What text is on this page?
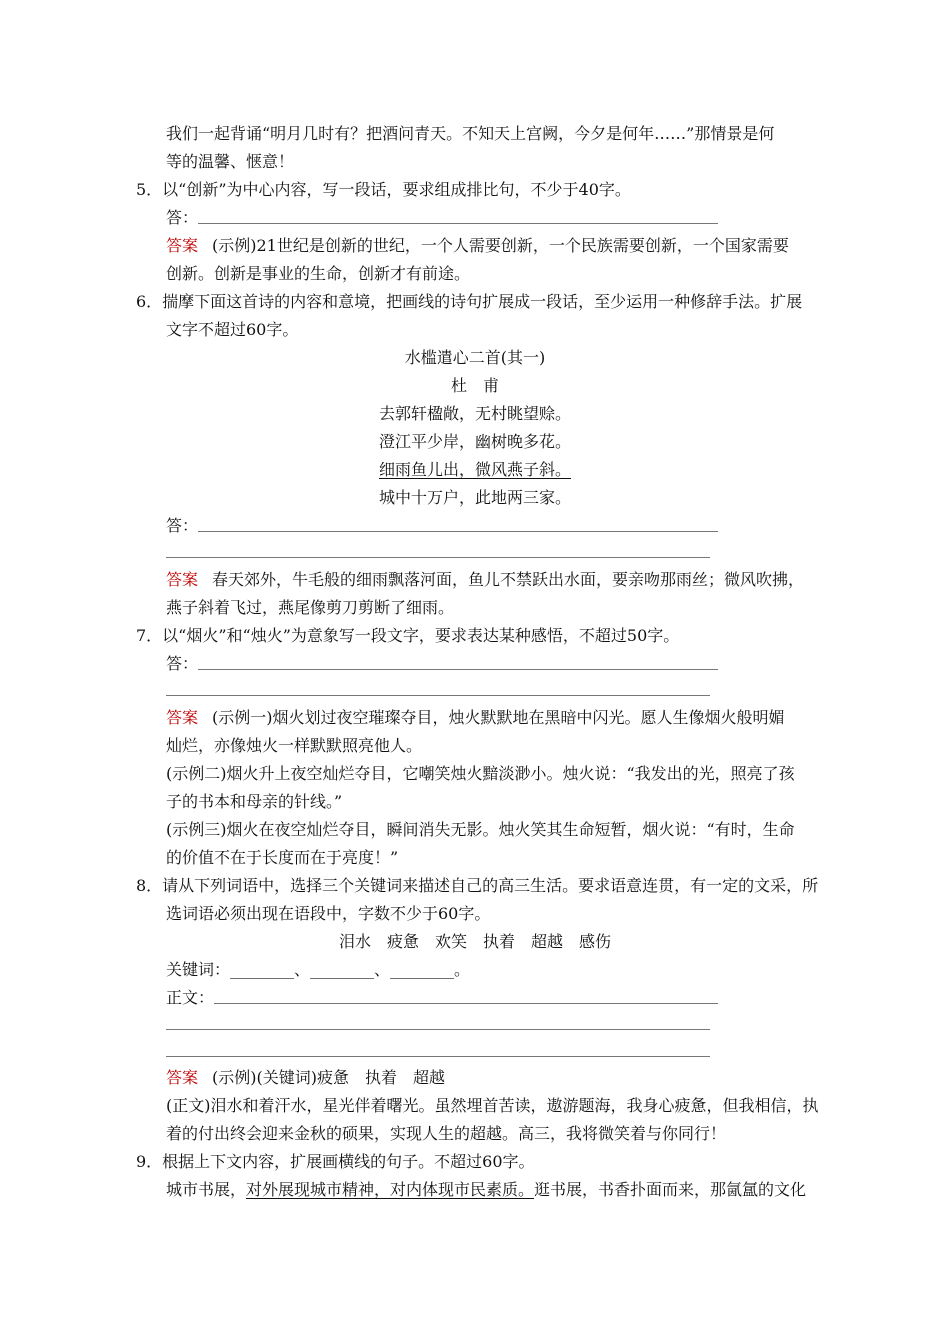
我们一起背诵“明月几时有？把酒问青天。不知天上宫阙，今夕是何年……”那情景是何
等的温馨、惬意！
5．以“创新”为中心内容，写一段话，要求组成排比句，不少于40字。
答：
答案 (示例)21世纪是创新的世纪，一个人需要创新，一个民族需要创新，一个国家需要
创新。创新是事业的生命，创新才有前途。
6．揣摩下面这首诗的内容和意境，把画线的诗句扩展成一段话，至少运用一种修辞手法。扩展
文字不超过60字。
水槛遣心二首(其一)
杜　甫
去郭轩楹敞，无村眺望赊。
澄江平少岸，幽树晚多花。
细雨鱼儿出，微风燕子斜。
城中十万户，此地两三家。
答：
答案 春天郊外，牛毛般的细雨飘落河面，鱼儿不禁跃出水面，要亲吻那雨丝；微风吹拂，
燕子斜着飞过，燕尾像剪刀剪断了细雨。
7．以“烟火”和“烛火”为意象写一段文字，要求表达某种感悟，不超过50字。
答：
答案 (示例一)烟火划过夜空璀璨夺目，烛火默默地在黑暗中闪光。愿人生像烟火般明媚
灿烂，亦像烛火一样默默照亮他人。
(示例二)烟火升上夜空灿烂夺目，它嘲笑烛火黯淡渺小。烛火说：“我发出的光，照亮了孩
子的书本和母亲的针线。”
(示例三)烟火在夜空灿烂夺目，瞬间消失无影。烛火笑其生命短暂，烟火说：“有时，生命
的价值不在于长度而在于亮度！”
8．请从下列词语中，选择三个关键词来描述自己的高三生活。要求语意连贯，有一定的文采，所
选词语必须出现在语段中，字数不少于60字。
泪水　疲惫　欢笑　执着　超越　感伤
关键词：________、________、________。
正文：
答案 (示例)(关键词)疲惫　执着　超越
(正文)泪水和着汗水，星光伴着曙光。虽然埋首苦读，遨游题海，我身心疲惫，但我相信，执
着的付出终会迎来金秋的硕果，实现人生的超越。高三，我将微笑着与你同行！
9．根据上下文内容，扩展画横线的句子。不超过60字。
城市书展，对外展现城市精神，对内体现市民素质。逛书展，书香扑面而来，那氤氲的文化
